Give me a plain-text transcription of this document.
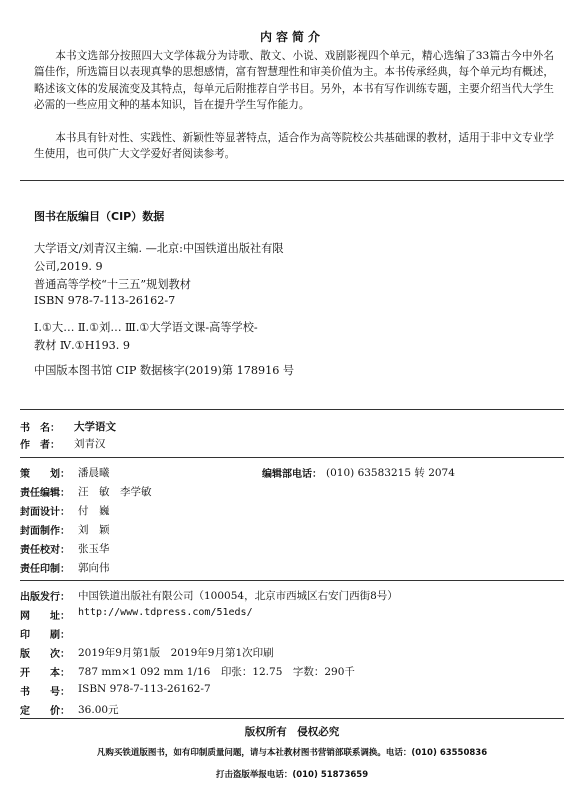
内容简介

本书文选部分按照四大文学体裁分为诗歌、散文、小说、戏剧影视四个单元，精心选编了33篇古今中外名篇佳作，所选篇目以表现真挚的思想感情，富有智慧理性和审美价值为主。本书传承经典，每个单元均有概述，略述该文体的发展流变及其特点，每单元后附推荐自学书目。另外，本书有写作训练专题，主要介绍当代大学生必需的一些应用文种的基本知识，旨在提升学生写作能力。

本书具有针对性、实践性、新颖性等显著特点，适合作为高等院校公共基础课的教材，适用于非中文专业学生使用，也可供广大文学爱好者阅读参考。

图书在版编目（CIP）数据
大学语文/刘青汉主编. —北京:中国铁道出版社有限
公司,2019. 9
普通高等学校“十三五”规划教材
ISBN 978-7-113-26162-7
Ⅰ.①大… Ⅱ.①刘… Ⅲ.①大学语文课-高等学校-
教材 Ⅳ.①H193. 9
中国版本图书馆 CIP 数据核字(2019)第 178916 号
书　名： 大学语文
作　者： 刘青汉
策　　划： 潘晨曦	编辑部电话： (010) 63583215 转 2074
责任编辑： 汪　敏　李学敏
封面设计： 付　巍
封面制作： 刘　颖
责任校对： 张玉华
责任印制： 郭向伟
出版发行： 中国铁道出版社有限公司（100054，北京市西城区右安门西街8号）
网　　址： http://www.tdpress.com/51eds/
印　　刷：
版　　次： 2019年9月第1版　2019年9月第1次印刷
开　　本： 787 mm×1 092 mm 1/16　印张：12.75　字数：290千
书　　号： ISBN 978-7-113-26162-7
定　　价： 36.00元
版权所有　侵权必究
凡购买铁道版图书，如有印制质量问题，请与本社教材图书营销部联系调换。电话：(010) 63550836
打击盗版举报电话：(010) 51873659
